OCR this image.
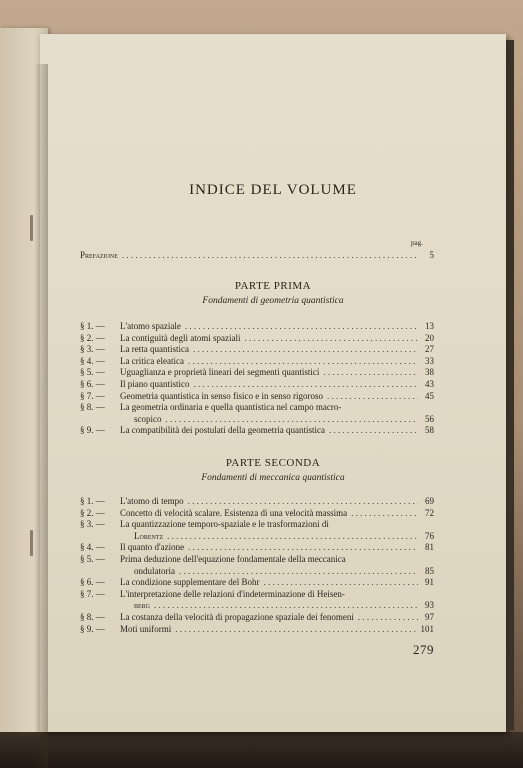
INDICE DEL VOLUME
pag.
Prefazione . . .	5
PARTE PRIMA
Fondamenti di geometria quantistica
§ 1. —	L'atomo spaziale . . .	13
§ 2. —	La contiguità degli atomi spaziali . . .	20
§ 3. —	La retta quantistica . . .	27
§ 4. —	La critica eleatica . . .	33
§ 5. —	Uguaglianza e proprietà lineari dei segmenti quantistici . . .	38
§ 6. —	Il piano quantistico . . .	43
§ 7. —	Geometria quantistica in senso fisico e in senso rigoroso . . .	45
§ 8. —	La geometria ordinaria e quella quantistica nel campo macro-
scopico . . .	56
§ 9. —	La compatibilità dei postulati della geometria quantistica . . .	58
PARTE SECONDA
Fondamenti di meccanica quantistica
§ 1. —	L'atomo di tempo . . .	69
§ 2. —	Concetto di velocità scalare. Esistenza di una velocità massima . . .	72
§ 3. —	La quantizzazione temporo-spaziale e le trasformazioni di
Lorentz . . .	76
§ 4. —	Il quanto d'azione . . .	81
§ 5. —	Prima deduzione dell'equazione fondamentale della meccanica
ondulatoria . . .	85
§ 6. —	La condizione supplementare del Bohr . . .	91
§ 7. —	L'interpretazione delle relazioni d'indeterminazione di Heisen-
berg . . .	93
§ 8. —	La costanza della velocità di propagazione spaziale dei fenomeni . . .	97
§ 9. —	Moti uniformi . . .	101
279
